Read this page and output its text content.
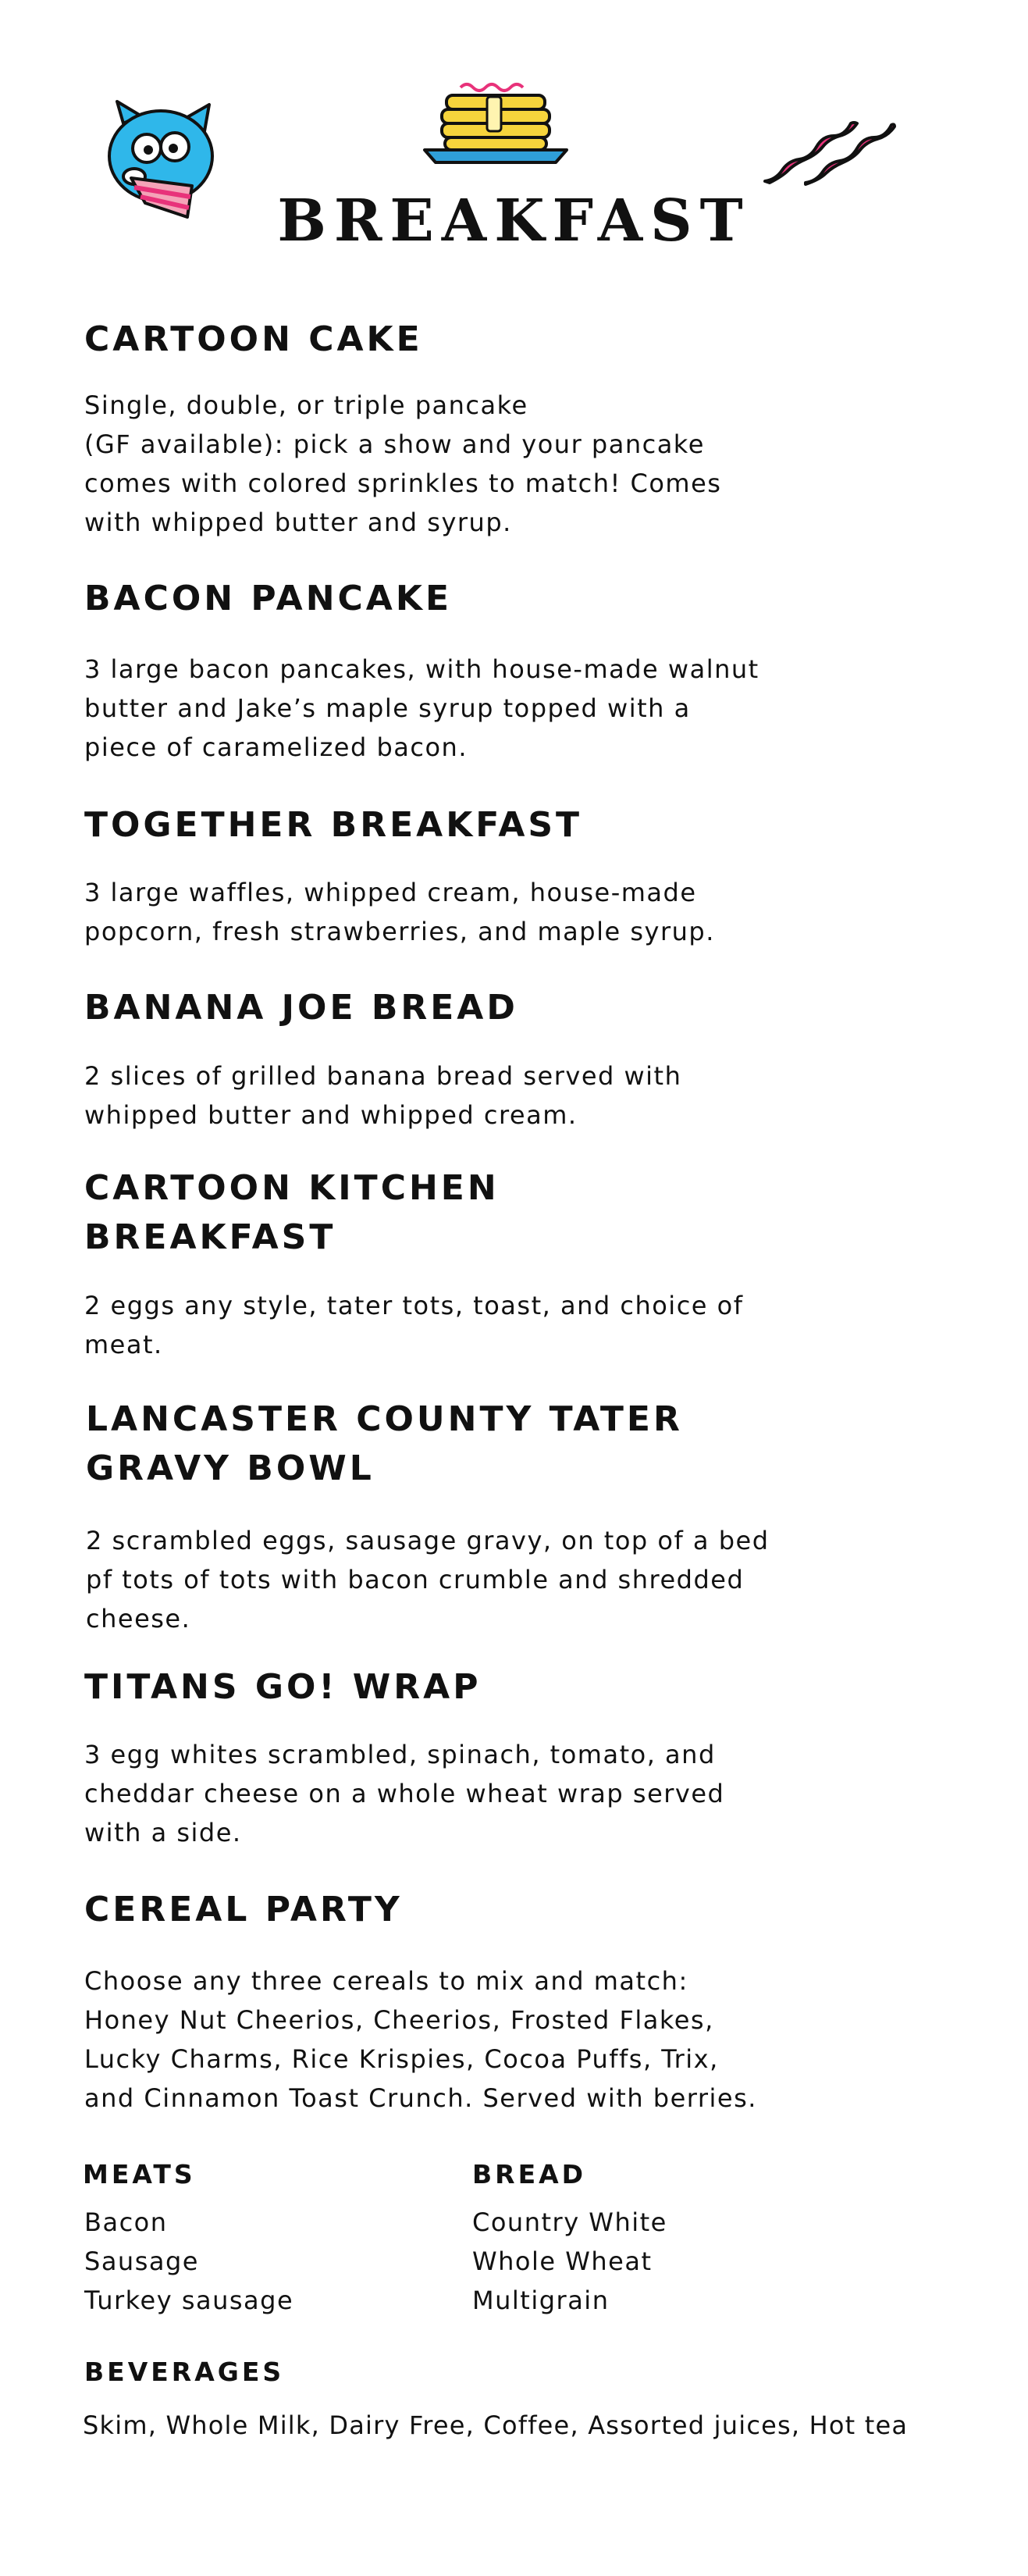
BREAKFAST
CARTOON CAKE
Single, double, or triple pancake
(GF available): pick a show and your pancake
comes with colored sprinkles to match! Comes
with whipped butter and syrup.
BACON PANCAKE
3 large bacon pancakes, with house-made walnut
butter and Jake’s maple syrup topped with a
piece of caramelized bacon.
TOGETHER BREAKFAST
3 large waffles, whipped cream, house-made
popcorn, fresh strawberries, and maple syrup.
BANANA JOE BREAD
2 slices of grilled banana bread served with
whipped butter and whipped cream.
CARTOON KITCHEN
BREAKFAST
2 eggs any style, tater tots, toast, and choice of
meat.
LANCASTER COUNTY TATER
GRAVY BOWL
2 scrambled eggs, sausage gravy, on top of a bed
pf tots of tots with bacon crumble and shredded
cheese.
TITANS GO! WRAP
3 egg whites scrambled, spinach, tomato, and
cheddar cheese on a whole wheat wrap served
with a side.
CEREAL PARTY
Choose any three cereals to mix and match:
Honey Nut Cheerios, Cheerios, Frosted Flakes,
Lucky Charms, Rice Krispies, Cocoa Puffs, Trix,
and Cinnamon Toast Crunch. Served with berries.
MEATS
Bacon
Sausage
Turkey sausage
BREAD
Country White
Whole Wheat
Multigrain
BEVERAGES
Skim, Whole Milk, Dairy Free, Coffee, Assorted juices, Hot tea
